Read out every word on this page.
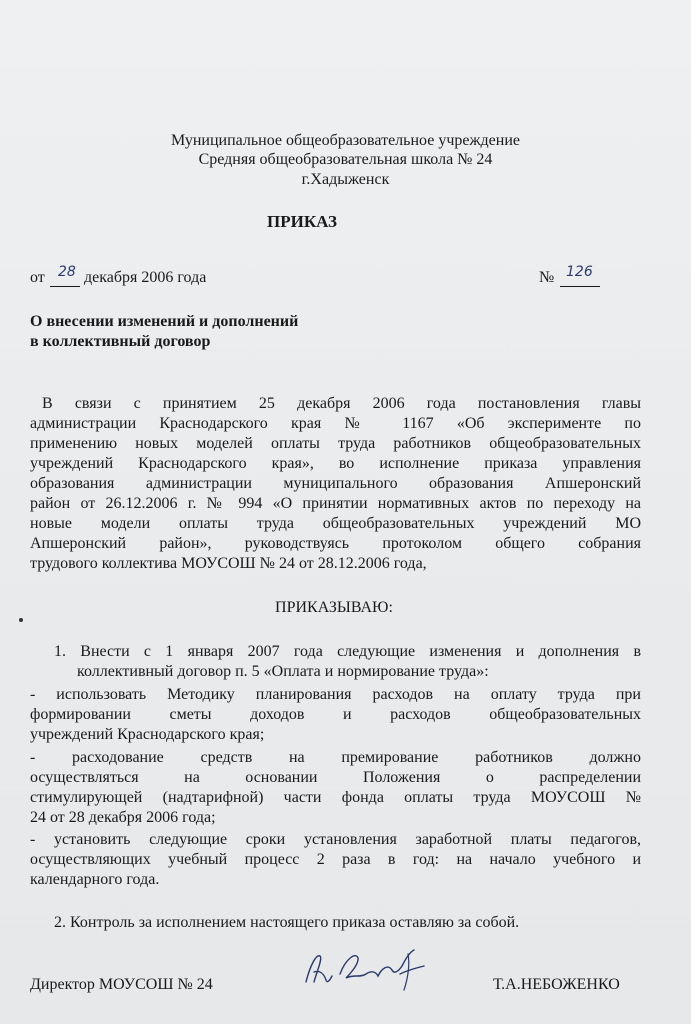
Муниципальное общеобразовательное учреждение
Средняя общеобразовательная школа № 24
г.Хадыженск
ПРИКАЗ
от 28 декабря 2006 года	№ 126
О внесении изменений и дополнений
в коллективный договор
В связи с принятием 25 декабря 2006 года постановления главы
администрации Краснодарского края № 1167 «Об эксперименте по
применению новых моделей оплаты труда работников общеобразовательных
учреждений Краснодарского края», во исполнение приказа управления
образования администрации муниципального образования Апшеронский
район от 26.12.2006 г. № 994 «О принятии нормативных актов по переходу на
новые модели оплаты труда общеобразовательных учреждений МО
Апшеронский район», руководствуясь протоколом общего собрания
трудового коллектива МОУСОШ № 24 от 28.12.2006 года,
ПРИКАЗЫВАЮ:
1. Внести с 1 января 2007 года следующие изменения и дополнения в
коллективный договор п. 5 «Оплата и нормирование труда»:
- использовать Методику планирования расходов на оплату труда при
формировании сметы доходов и расходов общеобразовательных
учреждений Краснодарского края;
- расходование средств на премирование работников должно
осуществляться на основании Положения о распределении
стимулирующей (надтарифной) части фонда оплаты труда МОУСОШ №
24 от 28 декабря 2006 года;
- установить следующие сроки установления заработной платы педагогов,
осуществляющих учебный процесс 2 раза в год: на начало учебного и
календарного года.
2. Контроль за исполнением настоящего приказа оставляю за собой.
Директор МОУСОШ № 24	Т.А.НЕБОЖЕНКО
